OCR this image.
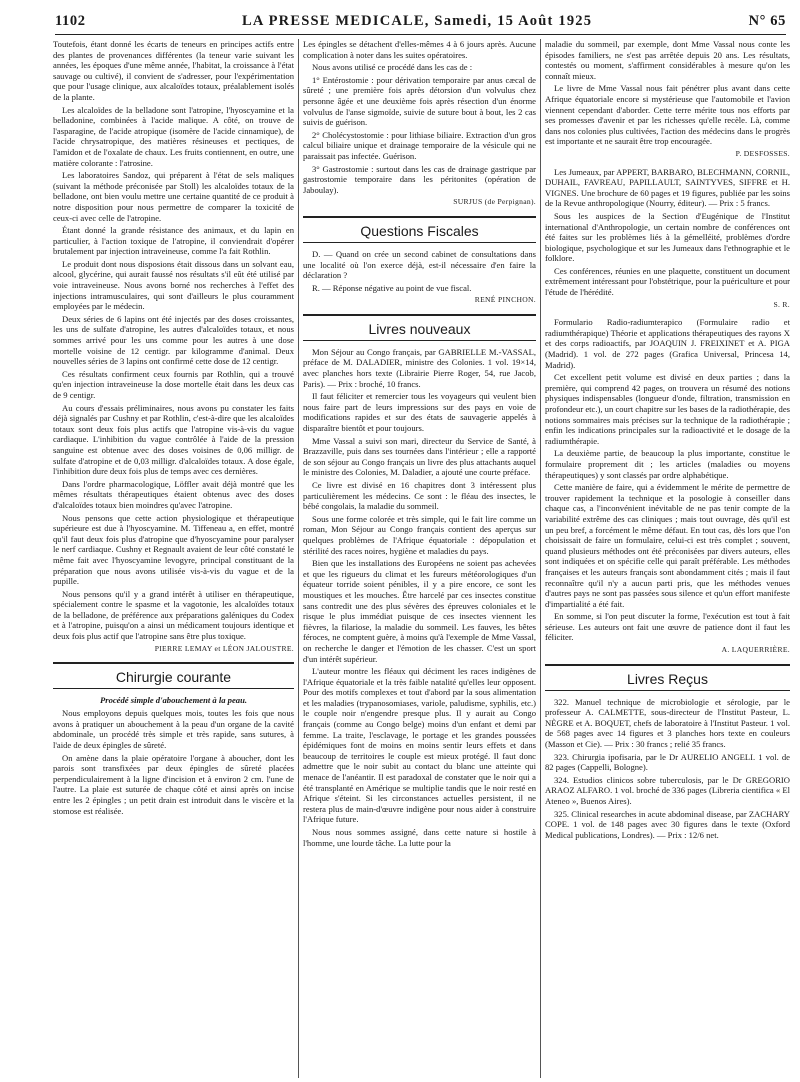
1102	LA PRESSE MEDICALE, Samedi, 15 Août 1925	N° 65

Toutefois, étant donné les écarts de teneurs en principes actifs entre des plantes de provenances différentes (la teneur varie suivant les années, les époques d'une même année, l'habitat, la croissance à l'état sauvage ou cultivé), il convient de s'adresser, pour l'expérimentation que pour l'usage clinique, aux alcaloïdes totaux, préalablement isolés de la plante.

Les alcaloïdes de la belladone sont l'atropine, l'hyoscyamine et la belladonine, combinées à l'acide malique. A côté, on trouve de l'asparagine, de l'acide atropique (isomère de l'acide cinnamique), de l'acide chrysatropique, des matières résineuses et pectiques, de l'amidon et de l'oxalate de chaux. Les fruits contiennent, en outre, une matière colorante : l'atrosine.

Les laboratoires Sandoz, qui préparent à l'état de sels maliques (suivant la méthode préconisée par Stoll) les alcaloïdes totaux de la belladone, ont bien voulu mettre une certaine quantité de ce produit à notre disposition pour nous permettre de comparer la toxicité de ceux-ci avec celle de l'atropine.

Étant donné la grande résistance des animaux, et du lapin en particulier, à l'action toxique de l'atropine, il conviendrait d'opérer brutalement par injection intraveineuse, comme l'a fait Rothlin.

Le produit dont nous disposions était dissous dans un solvant eau, alcool, glycérine, qui aurait faussé nos résultats s'il eût été utilisé par voie intraveineuse. Nous avons borné nos recherches à l'effet des injections intramusculaires, qui sont d'ailleurs le plus couramment employées par le médecin.

Deux séries de 6 lapins ont été injectés par des doses croissantes, les uns de sulfate d'atropine, les autres d'alcaloïdes totaux, et nous sommes arrivé pour les uns comme pour les autres à une dose mortelle voisine de 12 centigr. par kilogramme d'animal. Deux nouvelles séries de 3 lapins ont confirmé cette dose de 12 centigr.

Ces résultats confirment ceux fournis par Rothlin, qui a trouvé qu'en injection intraveineuse la dose mortelle était dans les deux cas de 9 centigr.

Au cours d'essais préliminaires, nous avons pu constater les faits déjà signalés par Cushny et par Rothlin, c'est-à-dire que les alcaloïdes totaux sont deux fois plus actifs que l'atropine vis-à-vis du vague cardiaque. L'inhibition du vague contrôlée à l'aide de la pression sanguine est obtenue avec des doses voisines de 0,06 milligr. de sulfate d'atropine et de 0,03 milligr. d'alcaloïdes totaux. A dose égale, l'inhibition dure deux fois plus de temps avec ces dernières.

Dans l'ordre pharmacologique, Löffler avait déjà montré que les mêmes résultats thérapeutiques étaient obtenus avec des doses d'alcaloïdes totaux bien moindres qu'avec l'atropine.

Nous pensons que cette action physiologique et thérapeutique supérieure est due à l'hyoscyamine. M. Tiffeneau a, en effet, montré qu'il faut deux fois plus d'atropine que d'hyoscyamine pour paralyser le nerf cardiaque. Cushny et Regnault avaient de leur côté constaté le même fait avec l'hyoscyamine levogyre, principal constituant de la préparation que nous avons utilisée vis-à-vis du vague et de la pupille.

Nous pensons qu'il y a grand intérêt à utiliser en thérapeutique, spécialement contre le spasme et la vagotonie, les alcaloïdes totaux de la belladone, de préférence aux préparations galéniques du Codex et à l'atropine, puisqu'on a ainsi un médicament toujours identique et deux fois plus actif que l'atropine sans être plus toxique.

PIERRE LEMAY et LÉON JALOUSTRE.

Chirurgie courante
Procédé simple d'abouchement à la peau.

Nous employons depuis quelques mois, toutes les fois que nous avons à pratiquer un abouchement à la peau d'un organe de la cavité abdominale, un procédé très simple et très rapide, sans sutures, à l'aide de deux épingles de sûreté.

On amène dans la plaie opératoire l'organe à aboucher, dont les parois sont transfixées par deux épingles de sûreté placées perpendiculairement à la ligne d'incision et à environ 2 cm. l'une de l'autre. La plaie est suturée de chaque côté et ainsi après on incise entre les 2 épingles ; un petit drain est introduit dans le viscère et la stomose est réalisée.

Les épingles se détachent d'elles-mêmes 4 à 6 jours après. Aucune complication à noter dans les suites opératoires.

Nous avons utilisé ce procédé dans les cas de :

1° Entérostomie : pour dérivation temporaire par anus cæcal de sûreté ; une première fois après détorsion d'un volvulus chez personne âgée et une deuxième fois après résection d'un énorme volvulus de l'anse sigmoïde, suivie de suture bout à bout, les 2 cas suivis de guérison.

2° Cholécystostomie : pour lithiase biliaire. Extraction d'un gros calcul biliaire unique et drainage temporaire de la vésicule qui ne paraissait pas infectée. Guérison.

3° Gastrostomie : surtout dans les cas de drainage gastrique par gastrostomie temporaire dans les péritonites (opération de Jaboulay).

SURJUS (de Perpignan).

Questions Fiscales

D. — Quand on crée un second cabinet de consultations dans une localité où l'on exerce déjà, est-il nécessaire d'en faire la déclaration ?

R. — Réponse négative au point de vue fiscal.

RENÉ PINCHON.

Livres nouveaux

Mon Séjour au Congo français, par GABRIELLE M.-VASSAL, préface de M. DALADIER, ministre des Colonies. 1 vol. 19×14, avec planches hors texte (Librairie Pierre Roger, 54, rue Jacob, Paris). — Prix : broché, 10 francs.

Il faut féliciter et remercier tous les voyageurs qui veulent bien nous faire part de leurs impressions sur des pays en voie de modifications rapides et sur des états de sauvagerie appelés à disparaître bientôt et pour toujours.

Mme Vassal a suivi son mari, directeur du Service de Santé, à Brazzaville, puis dans ses tournées dans l'intérieur ; elle a rapporté de son séjour au Congo français un livre des plus attachants auquel le ministre des Colonies, M. Daladier, a ajouté une courte préface.

Ce livre est divisé en 16 chapitres dont 3 intéressent plus particulièrement les médecins. Ce sont : le fléau des insectes, le bébé congolais, la maladie du sommeil.

Sous une forme colorée et très simple, qui le fait lire comme un roman, Mon Séjour au Congo français contient des aperçus sur quelques problèmes de l'Afrique équatoriale : dépopulation et stérilité des races noires, hygiène et maladies du pays.

Bien que les installations des Européens ne soient pas achevées et que les rigueurs du climat et les fureurs météorologiques d'un équateur torride soient pénibles, il y a pire encore, ce sont les moustiques et les mouches. Être harcelé par ces insectes constitue sans contredit une des plus sévères des épreuves coloniales et le risque le plus immédiat puisque de ces insectes viennent les fièvres, la filariose, la maladie du sommeil. Les fauves, les bêtes féroces, ne comptent guère, à moins qu'à l'exemple de Mme Vassal, on recherche le danger et l'émotion de les chasser. C'est un sport d'un intérêt supérieur.

L'auteur montre les fléaux qui déciment les races indigènes de l'Afrique équatoriale et la très faible natalité qu'elles leur opposent. Pour des motifs complexes et tout d'abord par la sous alimentation et les maladies (trypanosomiases, variole, paludisme, syphilis, etc.) le couple noir n'engendre presque plus. Il y aurait au Congo français (comme au Congo belge) moins d'un enfant et demi par femme. La traite, l'esclavage, le portage et les grandes poussées épidémiques font de moins en moins sentir leurs effets et dans beaucoup de territoires le couple est mieux protégé. Il faut donc admettre que le noir subit au contact du blanc une atteinte qui menace de l'anéantir. Il est paradoxal de constater que le noir qui a été transplanté en Amérique se multiplie tandis que le noir resté en Afrique s'éteint. Si les circonstances actuelles persistent, il ne restera plus de main-d'œuvre indigène pour nous aider à construire l'Afrique future.

Nous nous sommes assigné, dans cette nature si hostile à l'homme, une lourde tâche. La lutte pour la

maladie du sommeil, par exemple, dont Mme Vassal nous conte les épisodes familiers, ne s'est pas arrêtée depuis 20 ans. Les résultats, contestés ou moment, s'affirment considérables à mesure qu'on les connaît mieux.

Le livre de Mme Vassal nous fait pénétrer plus avant dans cette Afrique équatoriale encore si mystérieuse que l'automobile et l'avion viennent cependant d'aborder. Cette terre mérite tous nos efforts par ses promesses d'avenir et par les richesses qu'elle recèle. Là, comme dans nos colonies plus cultivées, l'action des médecins dans le progrès est importante et ne saurait être trop encouragée.

P. DESFOSSES.

Les Jumeaux, par APPERT, BARBARO, BLECHMANN, CORNIL, DUHAIL, FAVREAU, PAPILLAULT, SAINTYVES, SIFFRE et H. VIGNES. Une brochure de 60 pages et 19 figures, publiée par les soins de la Revue anthropologique (Nourry, éditeur). — Prix : 5 francs.

Sous les auspices de la Section d'Eugénique de l'Institut international d'Anthropologie, un certain nombre de conférences ont été faites sur les problèmes liés à la gémelléité, problèmes d'ordre biologique, psychologique et sur les Jumeaux dans l'ethnographie et le folklore.

Ces conférences, réunies en une plaquette, constituent un document extrêmement intéressant pour l'obstétrique, pour la puériculture et pour l'étude de l'hérédité.

S. R.

Formulario Radio-radiumterapico (Formulaire radio et radiumthérapique) Théorie et applications thérapeutiques des rayons X et des corps radioactifs, par JOAQUIN J. FREIXINET et A. PIGA (Madrid). 1 vol. de 272 pages (Grafica Universal, Princesa 14, Madrid).

Cet excellent petit volume est divisé en deux parties ; dans la première, qui comprend 42 pages, on trouvera un résumé des notions physiques indispensables (longueur d'onde, filtration, transmission en profondeur etc.), un court chapitre sur les bases de la radiothérapie, des notions sommaires mais précises sur la technique de la radiothérapie ; enfin les indications principales sur la radioactivité et le dosage de la radiumthérapie.

La deuxième partie, de beaucoup la plus importante, constitue le formulaire proprement dit ; les articles (maladies ou moyens thérapeutiques) y sont classés par ordre alphabétique.

Cette manière de faire, qui a évidemment le mérite de permettre de trouver rapidement la technique et la posologie à conseiller dans chaque cas, a l'inconvénient inévitable de ne pas tenir compte de la variabilité extrême des cas cliniques ; mais tout ouvrage, dès qu'il est un peu bref, a forcément le même défaut. En tout cas, dès lors que l'on choisissait de faire un formulaire, celui-ci est très complet ; souvent, quand plusieurs méthodes ont été préconisées par divers auteurs, elles sont indiquées et on spécifie celle qui paraît préférable. Les méthodes françaises et les auteurs français sont abondamment cités ; mais il faut reconnaître qu'il n'y a aucun parti pris, que les méthodes venues d'autres pays ne sont pas passées sous silence et qu'un effort manifeste d'impartialité a été fait.

En somme, si l'on peut discuter la forme, l'exécution est tout à fait sérieuse. Les auteurs ont fait une œuvre de patience dont il faut les féliciter.

A. LAQUERRIÈRE.

Livres Reçus

322. Manuel technique de microbiologie et sérologie, par le professeur A. CALMETTE, sous-directeur de l'Institut Pasteur, L. NÈGRE et A. BOQUET, chefs de laboratoire à l'Institut Pasteur. 1 vol. de 568 pages avec 14 figures et 3 planches hors texte en couleurs (Masson et Cie). — Prix : 30 francs ; relié 35 francs.

323. Chirurgia ipofisaria, par le Dr AURELIO ANGELI. 1 vol. de 82 pages (Cappelli, Bologne).

324. Estudios clinicos sobre tuberculosis, par le Dr GREGORIO ARAOZ ALFARO. 1 vol. broché de 336 pages (Libreria cientifica « El Ateneo », Buenos Aires).

325. Clinical researches in acute abdominal disease, par ZACHARY COPE. 1 vol. de 148 pages avec 30 figures dans le texte (Oxford Medical publications, Londres). — Prix : 12/6 net.
